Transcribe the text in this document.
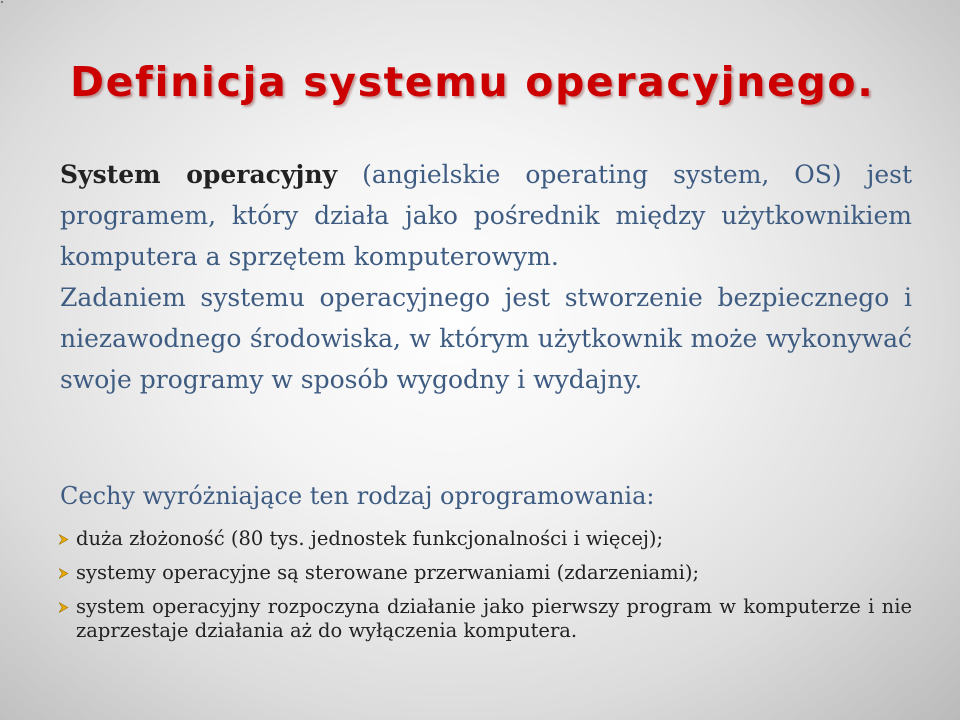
Definicja systemu operacyjnego.

System operacyjny (angielskie operating system, OS) jest programem, który działa jako pośrednik między użytkownikiem komputera a sprzętem komputerowym.

Zadaniem systemu operacyjnego jest stworzenie bezpiecznego i niezawodnego środowiska, w którym użytkownik może wykonywać swoje programy w sposób wygodny i wydajny.

Cechy wyróżniające ten rodzaj oprogramowania:

duża złożoność (80 tys. jednostek funkcjonalności i więcej);
systemy operacyjne są sterowane przerwaniami (zdarzeniami);
system operacyjny rozpoczyna działanie jako pierwszy program w komputerze i nie zaprzestaje działania aż do wyłączenia komputera.
